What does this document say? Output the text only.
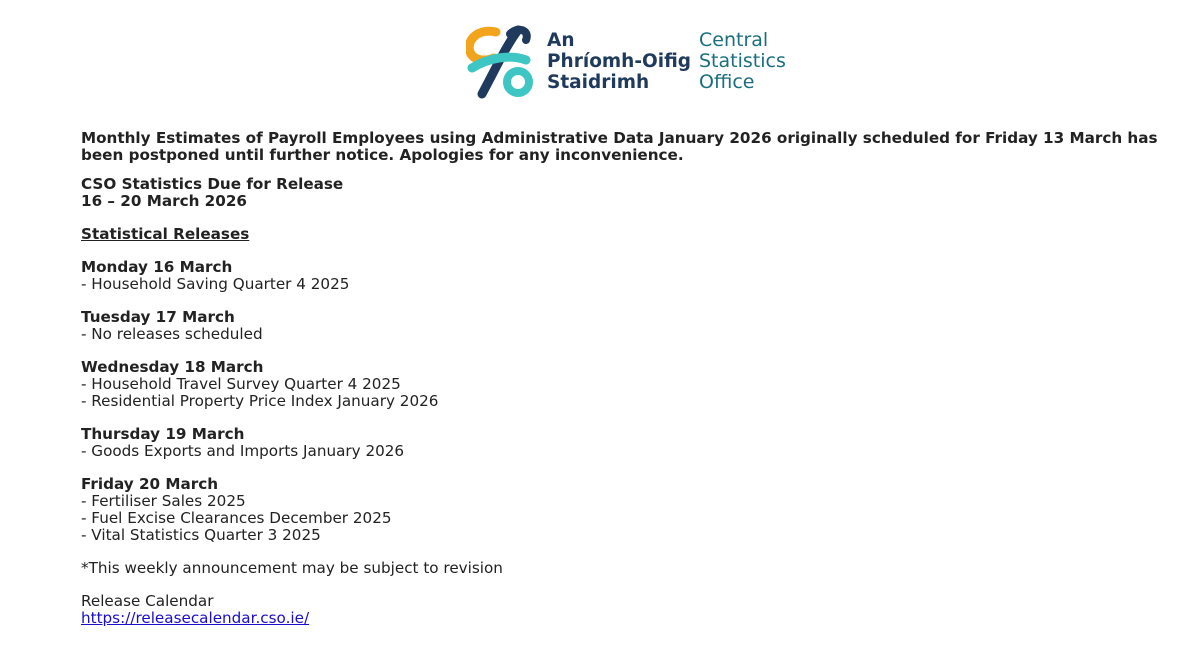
An
Phríomh-Oifig
Staidrimh
Central
Statistics
Office

Monthly Estimates of Payroll Employees using Administrative Data January 2026 originally scheduled for Friday 13 March has been postponed until further notice. Apologies for any inconvenience.

CSO Statistics Due for Release
16 – 20 March 2026
Statistical Releases
Monday 16 March
- Household Saving Quarter 4 2025
Tuesday 17 March
- No releases scheduled
Wednesday 18 March
- Household Travel Survey Quarter 4 2025
- Residential Property Price Index January 2026
Thursday 19 March
- Goods Exports and Imports January 2026
Friday 20 March
- Fertiliser Sales 2025
- Fuel Excise Clearances December 2025
- Vital Statistics Quarter 3 2025
*This weekly announcement may be subject to revision
Release Calendar
https://releasecalendar.cso.ie/
